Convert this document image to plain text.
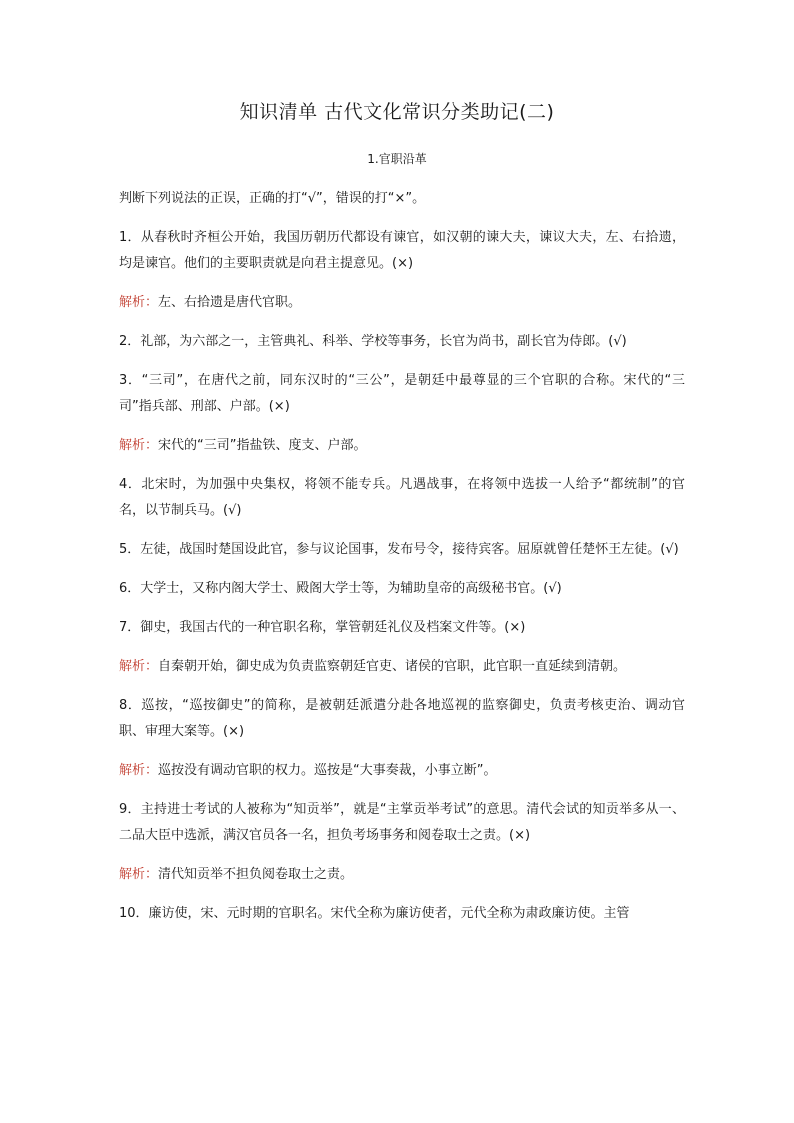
知识清单 古代文化常识分类助记(二)

1.官职沿革

判断下列说法的正误，正确的打“√”，错误的打“×”。

1．从春秋时齐桓公开始，我国历朝历代都设有谏官，如汉朝的谏大夫，谏议大夫，左、右拾遗，均是谏官。他们的主要职责就是向君主提意见。(×)

解析：左、右拾遗是唐代官职。

2．礼部，为六部之一，主管典礼、科举、学校等事务，长官为尚书，副长官为侍郎。(√)

3．“三司”，在唐代之前，同东汉时的“三公”，是朝廷中最尊显的三个官职的合称。宋代的“三司”指兵部、刑部、户部。(×)

解析：宋代的“三司”指盐铁、度支、户部。

4．北宋时，为加强中央集权，将领不能专兵。凡遇战事，在将领中选拔一人给予“都统制”的官名，以节制兵马。(√)

5．左徒，战国时楚国设此官，参与议论国事，发布号令，接待宾客。屈原就曾任楚怀王左徒。(√)

6．大学士，又称内阁大学士、殿阁大学士等，为辅助皇帝的高级秘书官。(√)

7．御史，我国古代的一种官职名称，掌管朝廷礼仪及档案文件等。(×)

解析：自秦朝开始，御史成为负责监察朝廷官吏、诸侯的官职，此官职一直延续到清朝。

8．巡按，“巡按御史”的简称，是被朝廷派遣分赴各地巡视的监察御史，负责考核吏治、调动官职、审理大案等。(×)

解析：巡按没有调动官职的权力。巡按是“大事奏裁，小事立断”。

9．主持进士考试的人被称为“知贡举”，就是“主掌贡举考试”的意思。清代会试的知贡举多从一、二品大臣中选派，满汉官员各一名，担负考场事务和阅卷取士之责。(×)

解析：清代知贡举不担负阅卷取士之责。

10．廉访使，宋、元时期的官职名。宋代全称为廉访使者，元代全称为肃政廉访使。主管
